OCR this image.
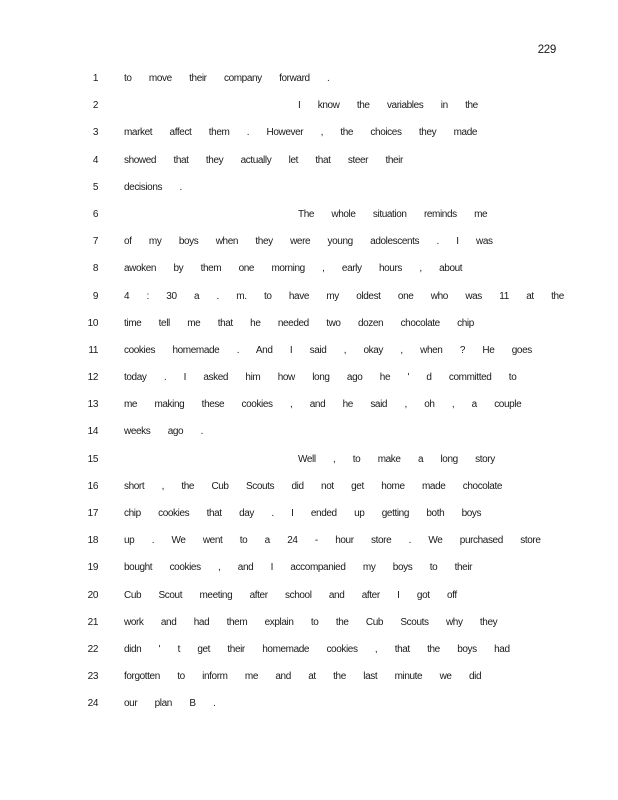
229
1	to move their company forward .
2	I know the variables in the
3	market affect them . However , the choices they made
4	showed that they actually let that steer their
5	decisions .
6	The whole situation reminds me
7	of my boys when they were young adolescents . I was
8	awoken by them one morning , early hours , about
9	4 : 30 a . m. to have my oldest one who was 11 at the
10	time tell me that he needed two dozen chocolate chip
11	cookies homemade . And I said , okay , when ? He goes
12	today . I asked him how long ago he ' d committed to
13	me making these cookies , and he said , oh , a couple
14	weeks ago .
15	Well , to make a long story
16	short , the Cub Scouts did not get home made chocolate
17	chip cookies that day . I ended up getting both boys
18	up . We went to a 24 - hour store . We purchased store
19	bought cookies , and I accompanied my boys to their
20	Cub Scout meeting after school and after I got off
21	work and had them explain to the Cub Scouts why they
22	didn ' t get their homemade cookies , that the boys had
23	forgotten to inform me and at the last minute we did
24	our plan B .
